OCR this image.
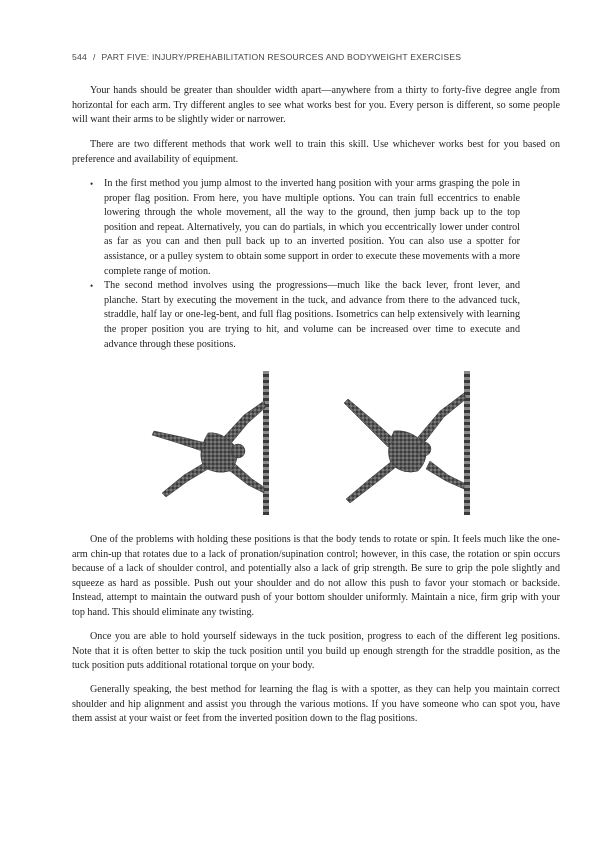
544 / PART FIVE: INJURY/PREHABILITATION RESOURCES AND BODYWEIGHT EXERCISES

Your hands should be greater than shoulder width apart—anywhere from a thirty to forty-five degree angle from horizontal for each arm. Try different angles to see what works best for you. Every person is different, so some people will want their arms to be slightly wider or narrower.

There are two different methods that work well to train this skill. Use whichever works best for you based on preference and availability of equipment.

• In the first method you jump almost to the inverted hang position with your arms grasping the pole in proper flag position. From here, you have multiple options. You can train full eccentrics to enable lowering through the whole movement, all the way to the ground, then jump back up to the top position and repeat. Alternatively, you can do partials, in which you eccentrically lower under control as far as you can and then pull back up to an inverted position. You can also use a spotter for assistance, or a pulley system to obtain some support in order to execute these movements with a more complete range of motion.
• The second method involves using the progressions—much like the back lever, front lever, and planche. Start by executing the movement in the tuck, and advance from there to the advanced tuck, straddle, half lay or one-leg-bent, and full flag positions. Isometrics can help extensively with learning the proper position you are trying to hit, and volume can be increased over time to execute and advance through these positions.

One of the problems with holding these positions is that the body tends to rotate or spin. It feels much like the one-arm chin-up that rotates due to a lack of pronation/supination control; however, in this case, the rotation or spin occurs because of a lack of shoulder control, and potentially also a lack of grip strength. Be sure to grip the pole slightly and squeeze as hard as possible. Push out your shoulder and do not allow this push to favor your stomach or backside. Instead, attempt to maintain the outward push of your bottom shoulder uniformly. Maintain a nice, firm grip with your top hand. This should eliminate any twisting.

Once you are able to hold yourself sideways in the tuck position, progress to each of the different leg positions. Note that it is often better to skip the tuck position until you build up enough strength for the straddle position, as the tuck position puts additional rotational torque on your body.

Generally speaking, the best method for learning the flag is with a spotter, as they can help you maintain correct shoulder and hip alignment and assist you through the various motions. If you have someone who can spot you, have them assist at your waist or feet from the inverted position down to the flag positions.
